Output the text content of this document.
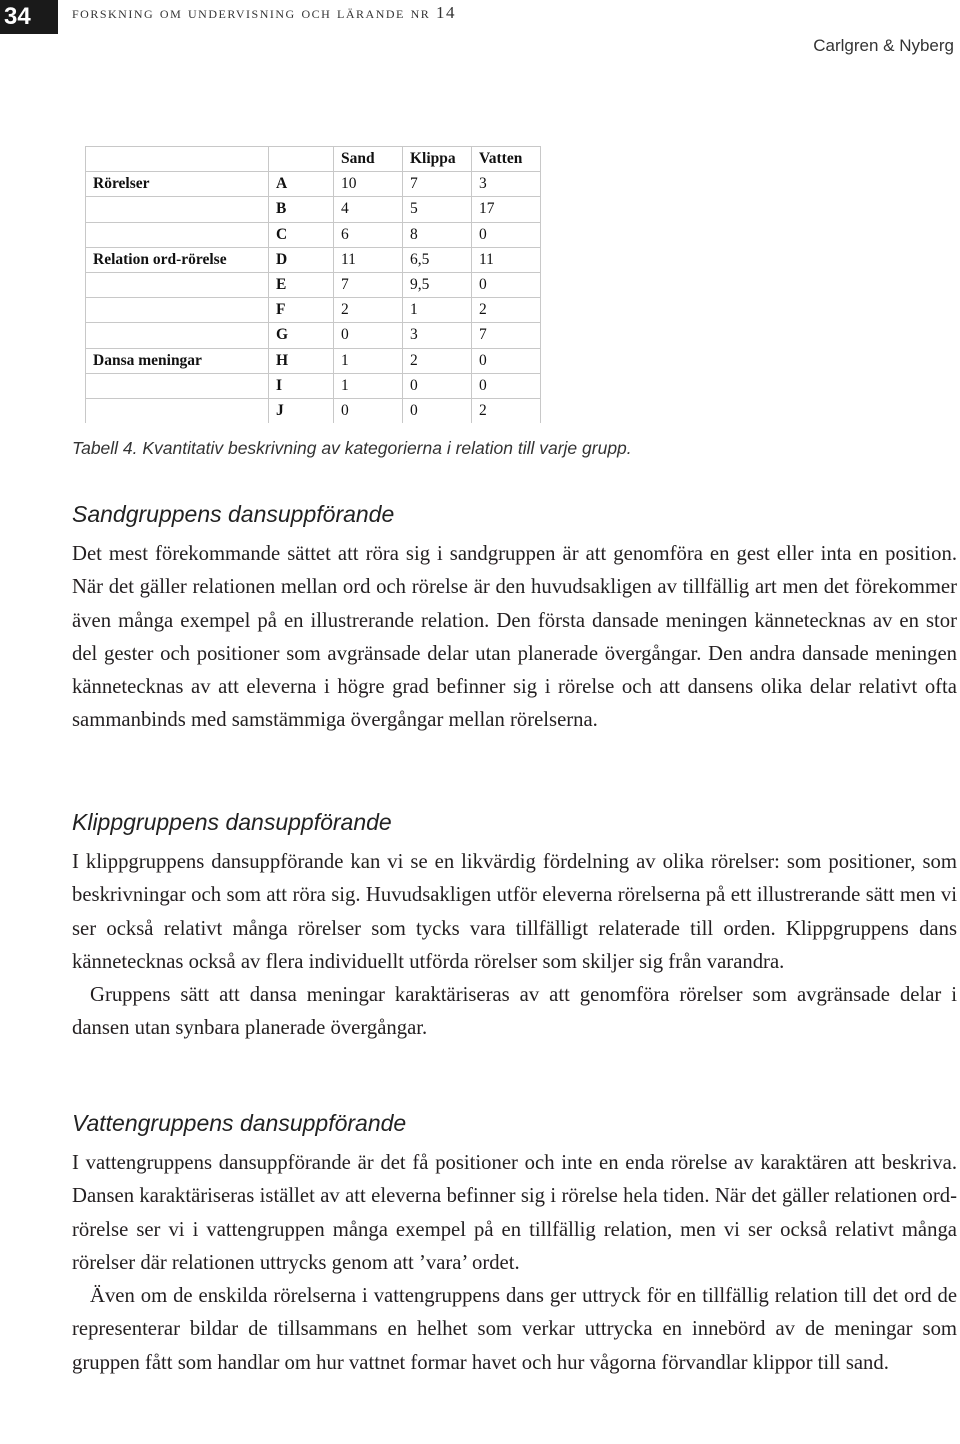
34	forskning om undervisning och lärande nr 14
Carlgren & Nyberg
		Sand	Klippa	Vatten
Rörelser	A	10	7	3
	B	4	5	17
	C	6	8	0
Relation ord-rörelse	D	11	6,5	11
	E	7	9,5	0
	F	2	1	2
	G	0	3	7
Dansa meningar	H	1	2	0
	I	1	0	0
	J	0	0	2
Tabell 4. Kvantitativ beskrivning av kategorierna i relation till varje grupp.
Sandgruppens dansuppförande

Det mest förekommande sättet att röra sig i sandgruppen är att genomföra en gest eller inta en position. När det gäller relationen mellan ord och rörelse är den huvudsakligen av tillfällig art men det förekommer även många exempel på en illustrerande relation. Den första dansade meningen kännetecknas av en stor del gester och positioner som avgränsade delar utan planerade övergångar. Den andra dansade meningen kännetecknas av att eleverna i högre grad befinner sig i rörelse och att dansens olika delar relativt ofta sammanbinds med samstämmiga övergångar mellan rörelserna.

Klippgruppens dansuppförande

I klippgruppens dansuppförande kan vi se en likvärdig fördelning av olika rörelser: som positioner, som beskrivningar och som att röra sig. Huvudsakligen utför eleverna rörelserna på ett illustrerande sätt men vi ser också relativt många rörelser som tycks vara tillfälligt relaterade till orden. Klippgruppens dans kännetecknas också av flera individuellt utförda rörelser som skiljer sig från varandra.

Gruppens sätt att dansa meningar karaktäriseras av att genomföra rörelser som avgränsade delar i dansen utan synbara planerade övergångar.

Vattengruppens dansuppförande

I vattengruppens dansuppförande är det få positioner och inte en enda rörelse av karaktären att beskriva. Dansen karaktäriseras istället av att eleverna befinner sig i rörelse hela tiden. När det gäller relationen ord-rörelse ser vi i vattengruppen många exempel på en tillfällig relation, men vi ser också relativt många rörelser där relationen uttrycks genom att ’vara’ ordet.

Även om de enskilda rörelserna i vattengruppens dans ger uttryck för en tillfällig relation till det ord de representerar bildar de tillsammans en helhet som verkar uttrycka en innebörd av de meningar som gruppen fått som handlar om hur vattnet formar havet och hur vågorna förvandlar klippor till sand.
